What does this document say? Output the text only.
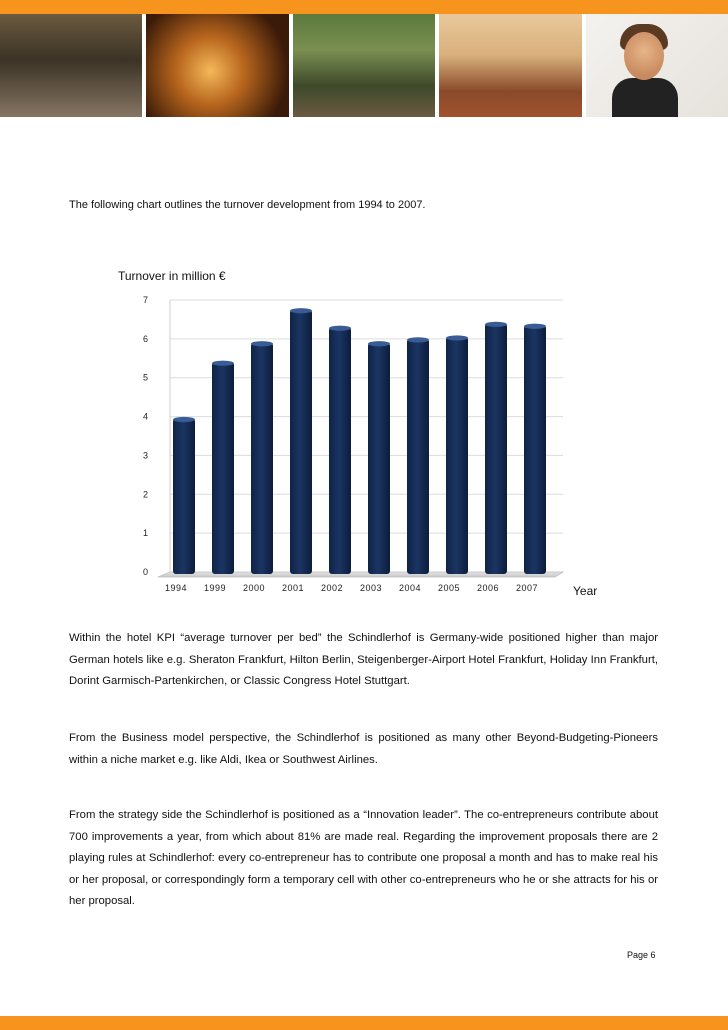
The following chart outlines the turnover development from 1994 to 2007.
0
1
2
3
4
5
6
7
1994 1999 2000 2001 2002 2003 2004 2005 2006 2007
Turnover in million €
Year
Within the hotel KPI “average turnover per bed” the Schindlerhof is Germany-wide positioned higher than major German hotels like e.g. Sheraton Frankfurt, Hilton Berlin, Steigenberger-Airport Hotel Frankfurt, Holiday Inn Frankfurt, Dorint Garmisch-Partenkirchen, or Classic Congress Hotel Stuttgart.
From the Business model perspective, the Schindlerhof is positioned as many other Beyond-Budgeting-Pioneers within a niche market e.g. like Aldi, Ikea or Southwest Airlines.
From the strategy side the Schindlerhof is positioned as a “Innovation leader”. The co-entrepreneurs contribute about 700 improvements a year, from which about 81% are made real. Regarding the improvement proposals there are 2 playing rules at Schindlerhof: every co-entrepreneur has to contribute one proposal a month and has to make real his or her proposal, or correspondingly form a temporary cell with other co-entrepreneurs who he or she attracts for his or her proposal.
Page 6
